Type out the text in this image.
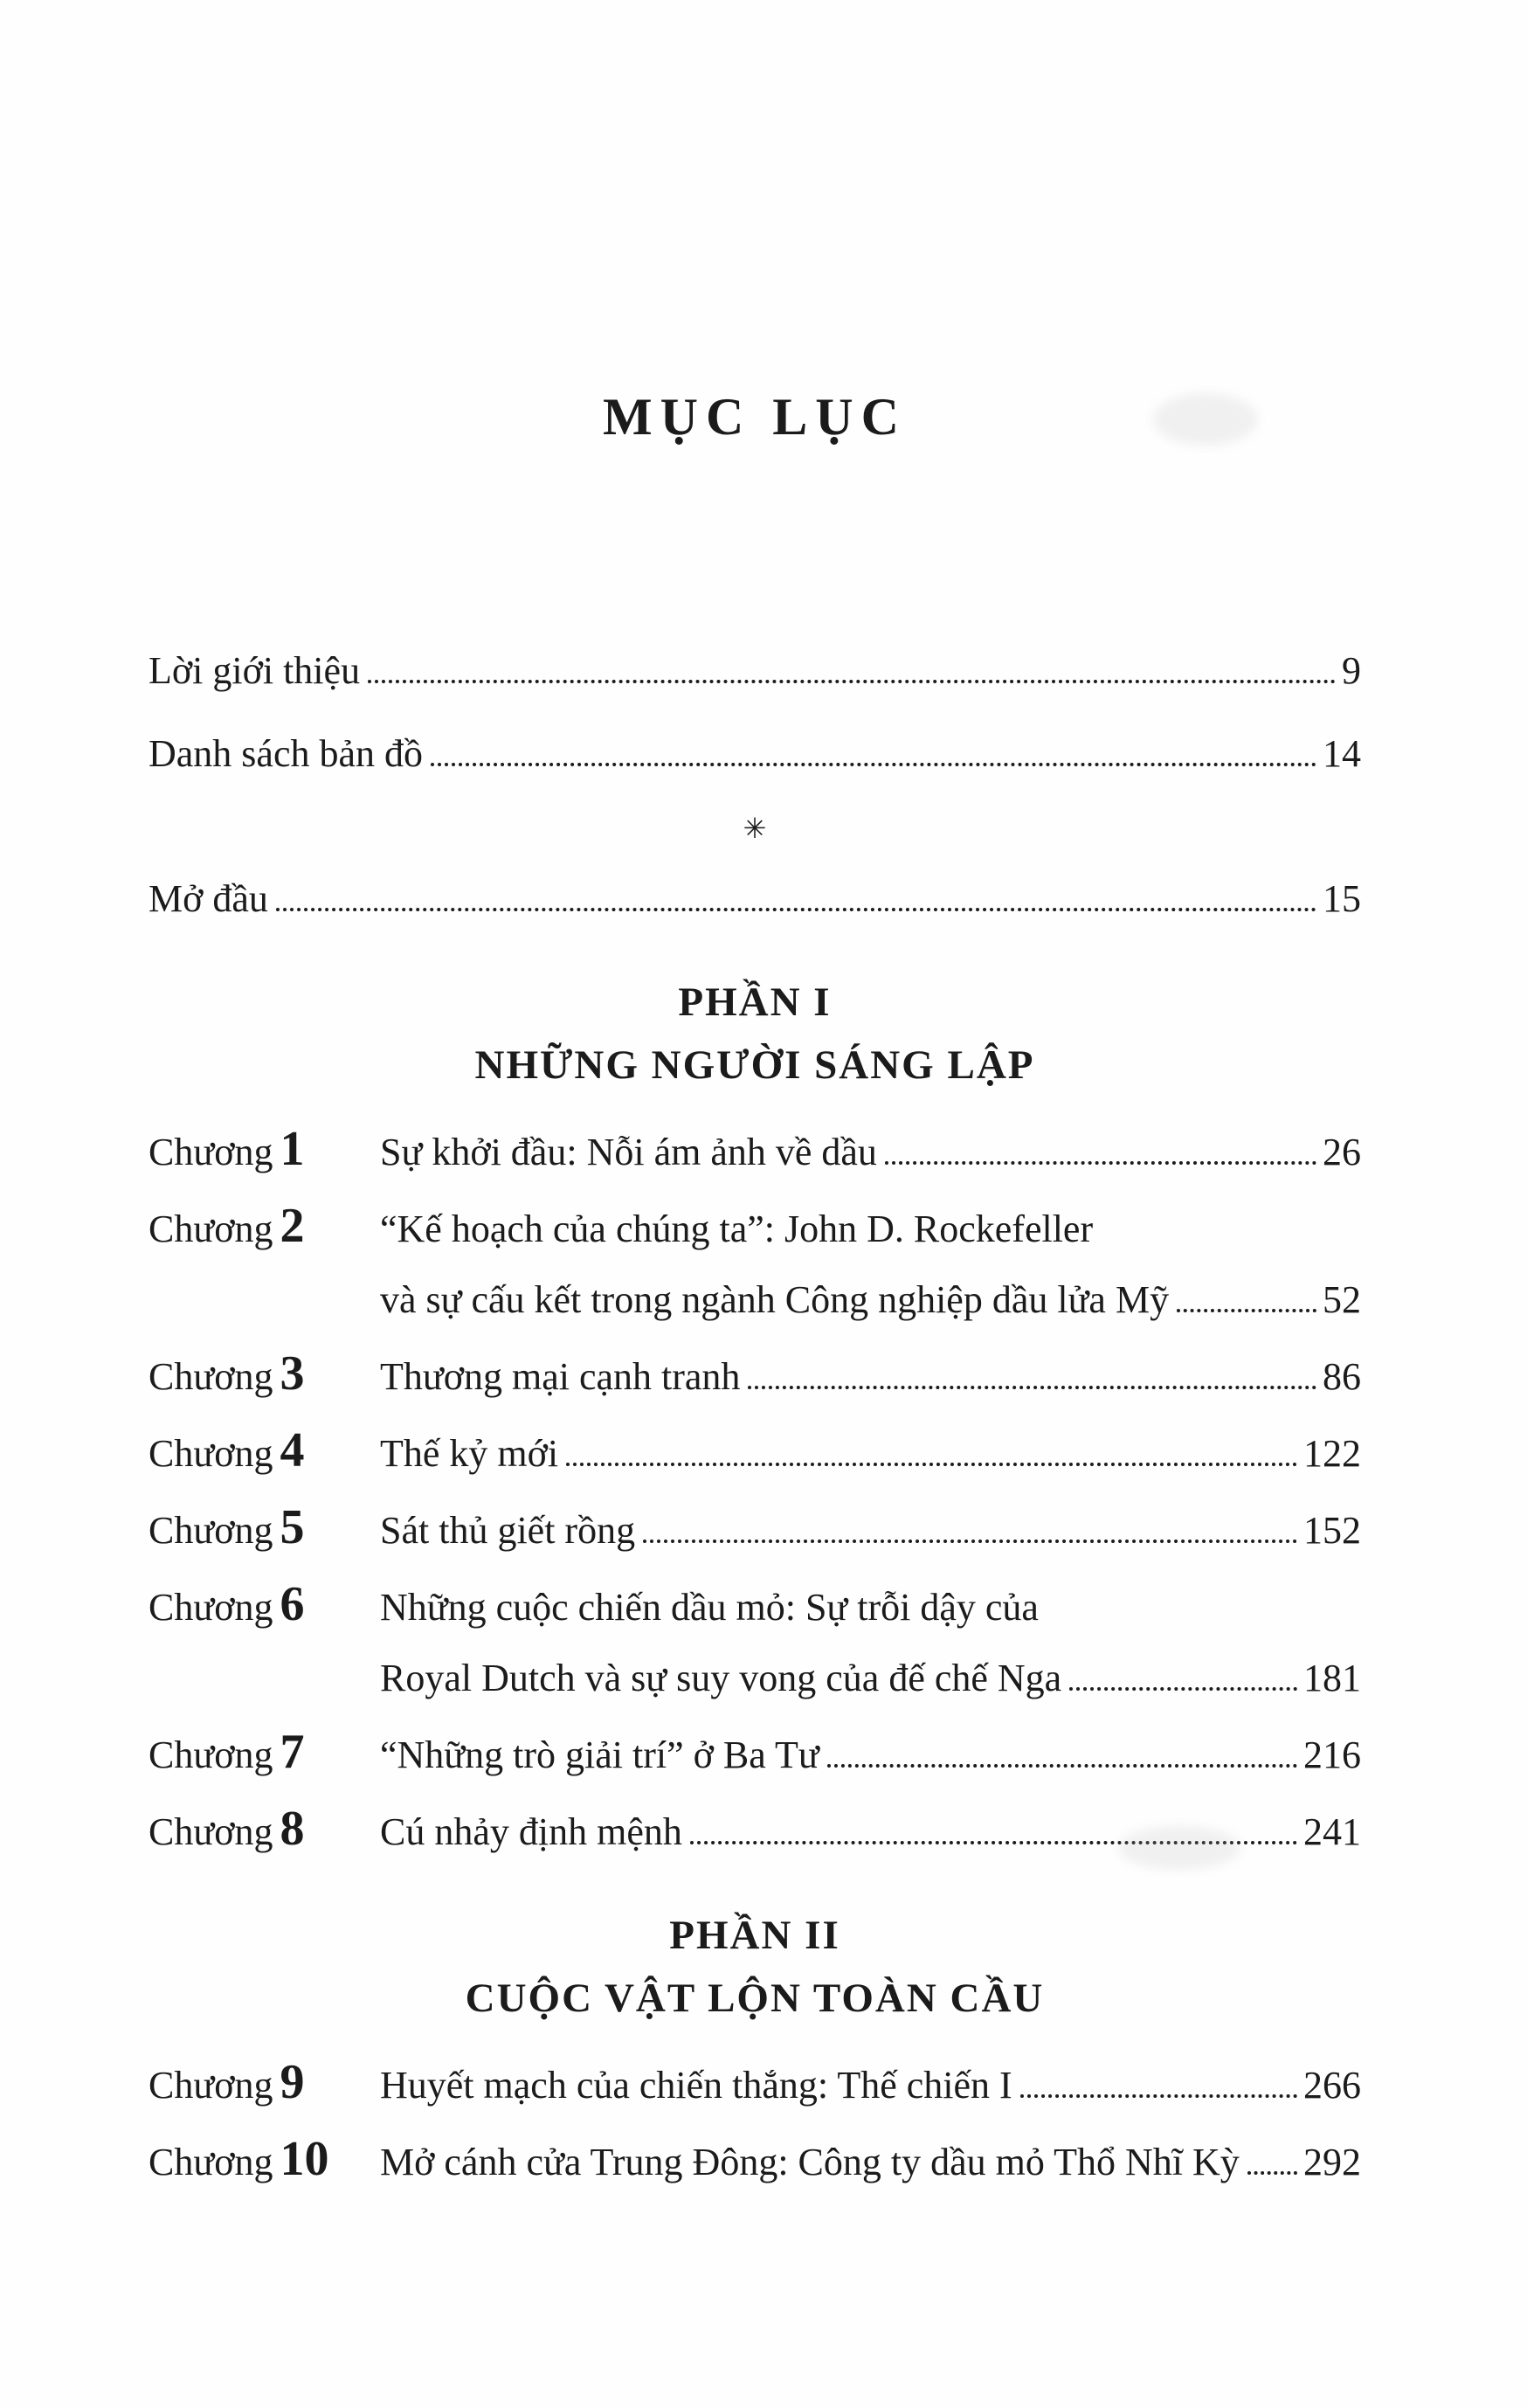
MỤC LỤC
Lời giới thiệu	9
Danh sách bản đồ	14
✳
Mở đầu	15
PHẦN I
NHỮNG NGƯỜI SÁNG LẬP
Chương 1	Sự khởi đầu: Nỗi ám ảnh về dầu	26
Chương 2	“Kế hoạch của chúng ta”: John D. Rockefeller
và sự cấu kết trong ngành Công nghiệp dầu lửa Mỹ	52
Chương 3	Thương mại cạnh tranh	86
Chương 4	Thế kỷ mới	122
Chương 5	Sát thủ giết rồng	152
Chương 6	Những cuộc chiến dầu mỏ: Sự trỗi dậy của
Royal Dutch và sự suy vong của đế chế Nga	181
Chương 7	“Những trò giải trí” ở Ba Tư	216
Chương 8	Cú nhảy định mệnh	241
PHẦN II
CUỘC VẬT LỘN TOÀN CẦU
Chương 9	Huyết mạch của chiến thắng: Thế chiến I	266
Chương 10	Mở cánh cửa Trung Đông: Công ty dầu mỏ Thổ Nhĩ Kỳ 292
